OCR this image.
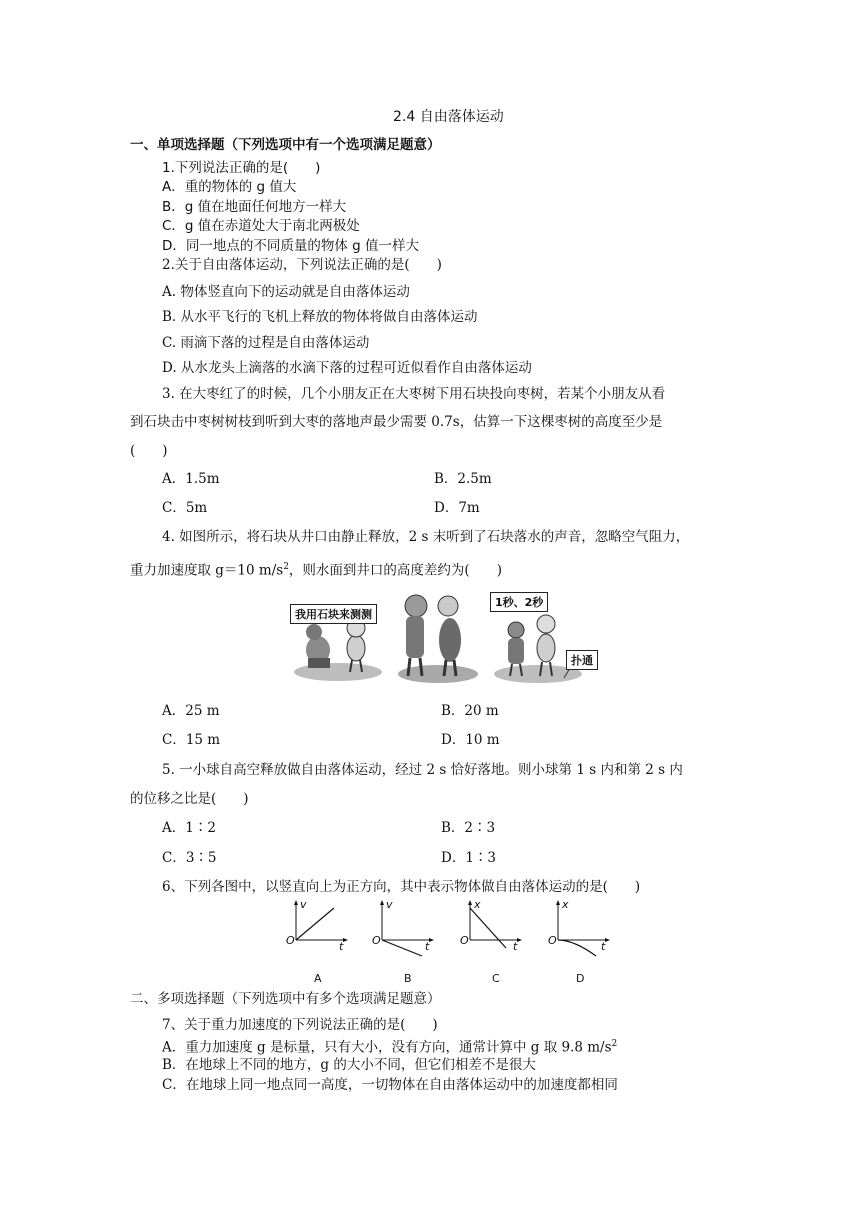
2.4 自由落体运动
一、单项选择题（下列选项中有一个选项满足题意）
1.下列说法正确的是(　　)
A．重的物体的 g 值大
B．g 值在地面任何地方一样大
C．g 值在赤道处大于南北两极处
D．同一地点的不同质量的物体 g 值一样大
2.关于自由落体运动，下列说法正确的是(　　)
A. 物体竖直向下的运动就是自由落体运动
B. 从水平飞行的飞机上释放的物体将做自由落体运动
C. 雨滴下落的过程是自由落体运动
D. 从水龙头上滴落的水滴下落的过程可近似看作自由落体运动
3. 在大枣红了的时候，几个小朋友正在大枣树下用石块投向枣树，若某个小朋友从看
到石块击中枣树树枝到听到大枣的落地声最少需要 0.7s，估算一下这棵枣树的高度至少是
(　　)
A．1.5m	B．2.5m
C．5m	D．7m
4. 如图所示，将石块从井口由静止释放，2 s 末听到了石块落水的声音，忽略空气阻力，
重力加速度取 g＝10 $m/s^2$，则水面到井口的高度差约为(　　)
我用石块来测测
1秒、2秒
扑通
A．25 m	B．20 m
C．15 m	D．10 m
5. 一小球自高空释放做自由落体运动，经过 2 s 恰好落地。则小球第 1 s 内和第 2 s 内
的位移之比是(　　)
A．1∶2	B．2∶3
C．3∶5	D．1∶3
6、下列各图中，以竖直向上为正方向，其中表示物体做自由落体运动的是(　　)
v
O	t
A
v
O	t
B
x
O	t
C
x
O	t
D
二、多项选择题（下列选项中有多个选项满足题意）
7、关于重力加速度的下列说法正确的是(　　)
A．重力加速度 g 是标量，只有大小，没有方向，通常计算中 g 取 9.8 $m/s^2$
B．在地球上不同的地方，g 的大小不同，但它们相差不是很大
C．在地球上同一地点同一高度，一切物体在自由落体运动中的加速度都相同
